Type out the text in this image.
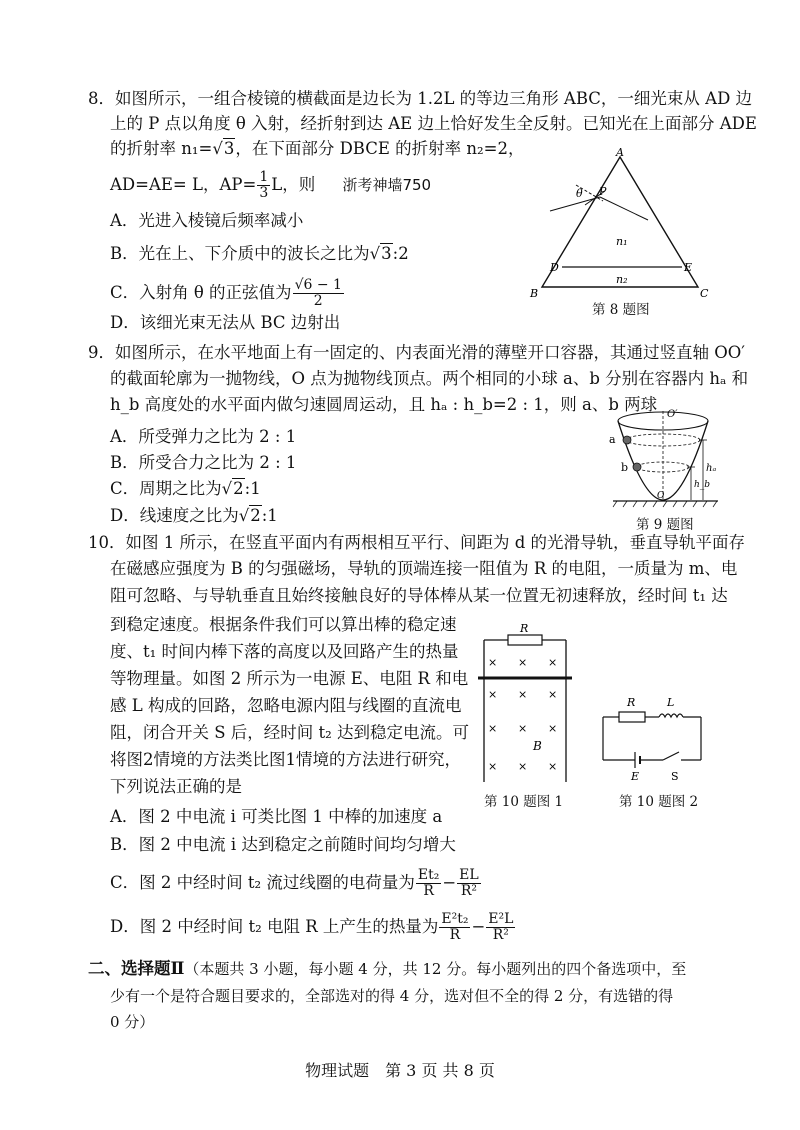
8．如图所示，一组合棱镜的横截面是边长为 1.2L 的等边三角形 ABC，一细光束从 AD 边
上的 P 点以角度 θ 入射，经折射到达 AE 边上恰好发生全反射。已知光在上面部分 ADE
的折射率 n₁=√3，在下面部分 DBCE 的折射率 n₂=2，
AD=AE= L，$AP= \frac{1}{3}$ L，则 浙考神墙750
A．光进入棱镜后频率减小
B．光在上、下介质中的波长之比为√3:2
C．入射角 θ 的正弦值为 $\frac{√6 - 1}{2}$
D．该细光束无法从 BC 边射出
A
θ P
n₁
n₂
D	E
B	C
第 8 题图
9．如图所示，在水平地面上有一固定的、内表面光滑的薄壁开口容器，其通过竖直轴 OO′
的截面轮廓为一抛物线，O 点为抛物线顶点。两个相同的小球 a、b 分别在容器内 hₐ 和
h_b 高度处的水平面内做匀速圆周运动，且 hₐ : h_b=2 : 1，则 a、b 两球
A．所受弹力之比为 2 : 1
B．所受合力之比为 2 : 1
C．周期之比为√2:1
D．线速度之比为√2:1
O′
O
a
b	hₐ
h_b
第 9 题图
10．如图 1 所示，在竖直平面内有两根相互平行、间距为 d 的光滑导轨，垂直导轨平面存
在磁感应强度为 B 的匀强磁场，导轨的顶端连接一阻值为 R 的电阻，一质量为 m、电
阻可忽略、与导轨垂直且始终接触良好的导体棒从某一位置无初速释放，经时间 t₁ 达
到稳定速度。根据条件我们可以算出棒的稳定速
度、t₁ 时间内棒下落的高度以及回路产生的热量
等物理量。如图 2 所示为一电源 E、电阻 R 和电
感 L 构成的回路，忽略电源内阻与线圈的直流电
阻，闭合开关 S 后，经时间 t₂ 达到稳定电流。可
将图2情境的方法类比图1情境的方法进行研究，
下列说法正确的是
R
B
× × ×
× × ×
× × ×
× × ×
第 10 题图 1
R	L
E	S
第 10 题图 2
A．图 2 中电流 i 可类比图 1 中棒的加速度 a
B．图 2 中电流 i 达到稳定之前随时间均匀增大
C．图 2 中经时间 t₂ 流过线圈的电荷量为 $\frac{\text{Et₂}}{R} - \frac{EL}{\text{R²}}$
D．图 2 中经时间 t₂ 电阻 R 上产生的热量为 $\frac{\text{E²t₂}}{R} - \frac{\text{E²L}}{\text{R²}}$
二、选择题Ⅱ（本题共 3 小题，每小题 4 分，共 12 分。每小题列出的四个备选项中，至
少有一个是符合题目要求的，全部选对的得 4 分，选对但不全的得 2 分，有选错的得
0 分）
物理试题　第 3 页 共 8 页
